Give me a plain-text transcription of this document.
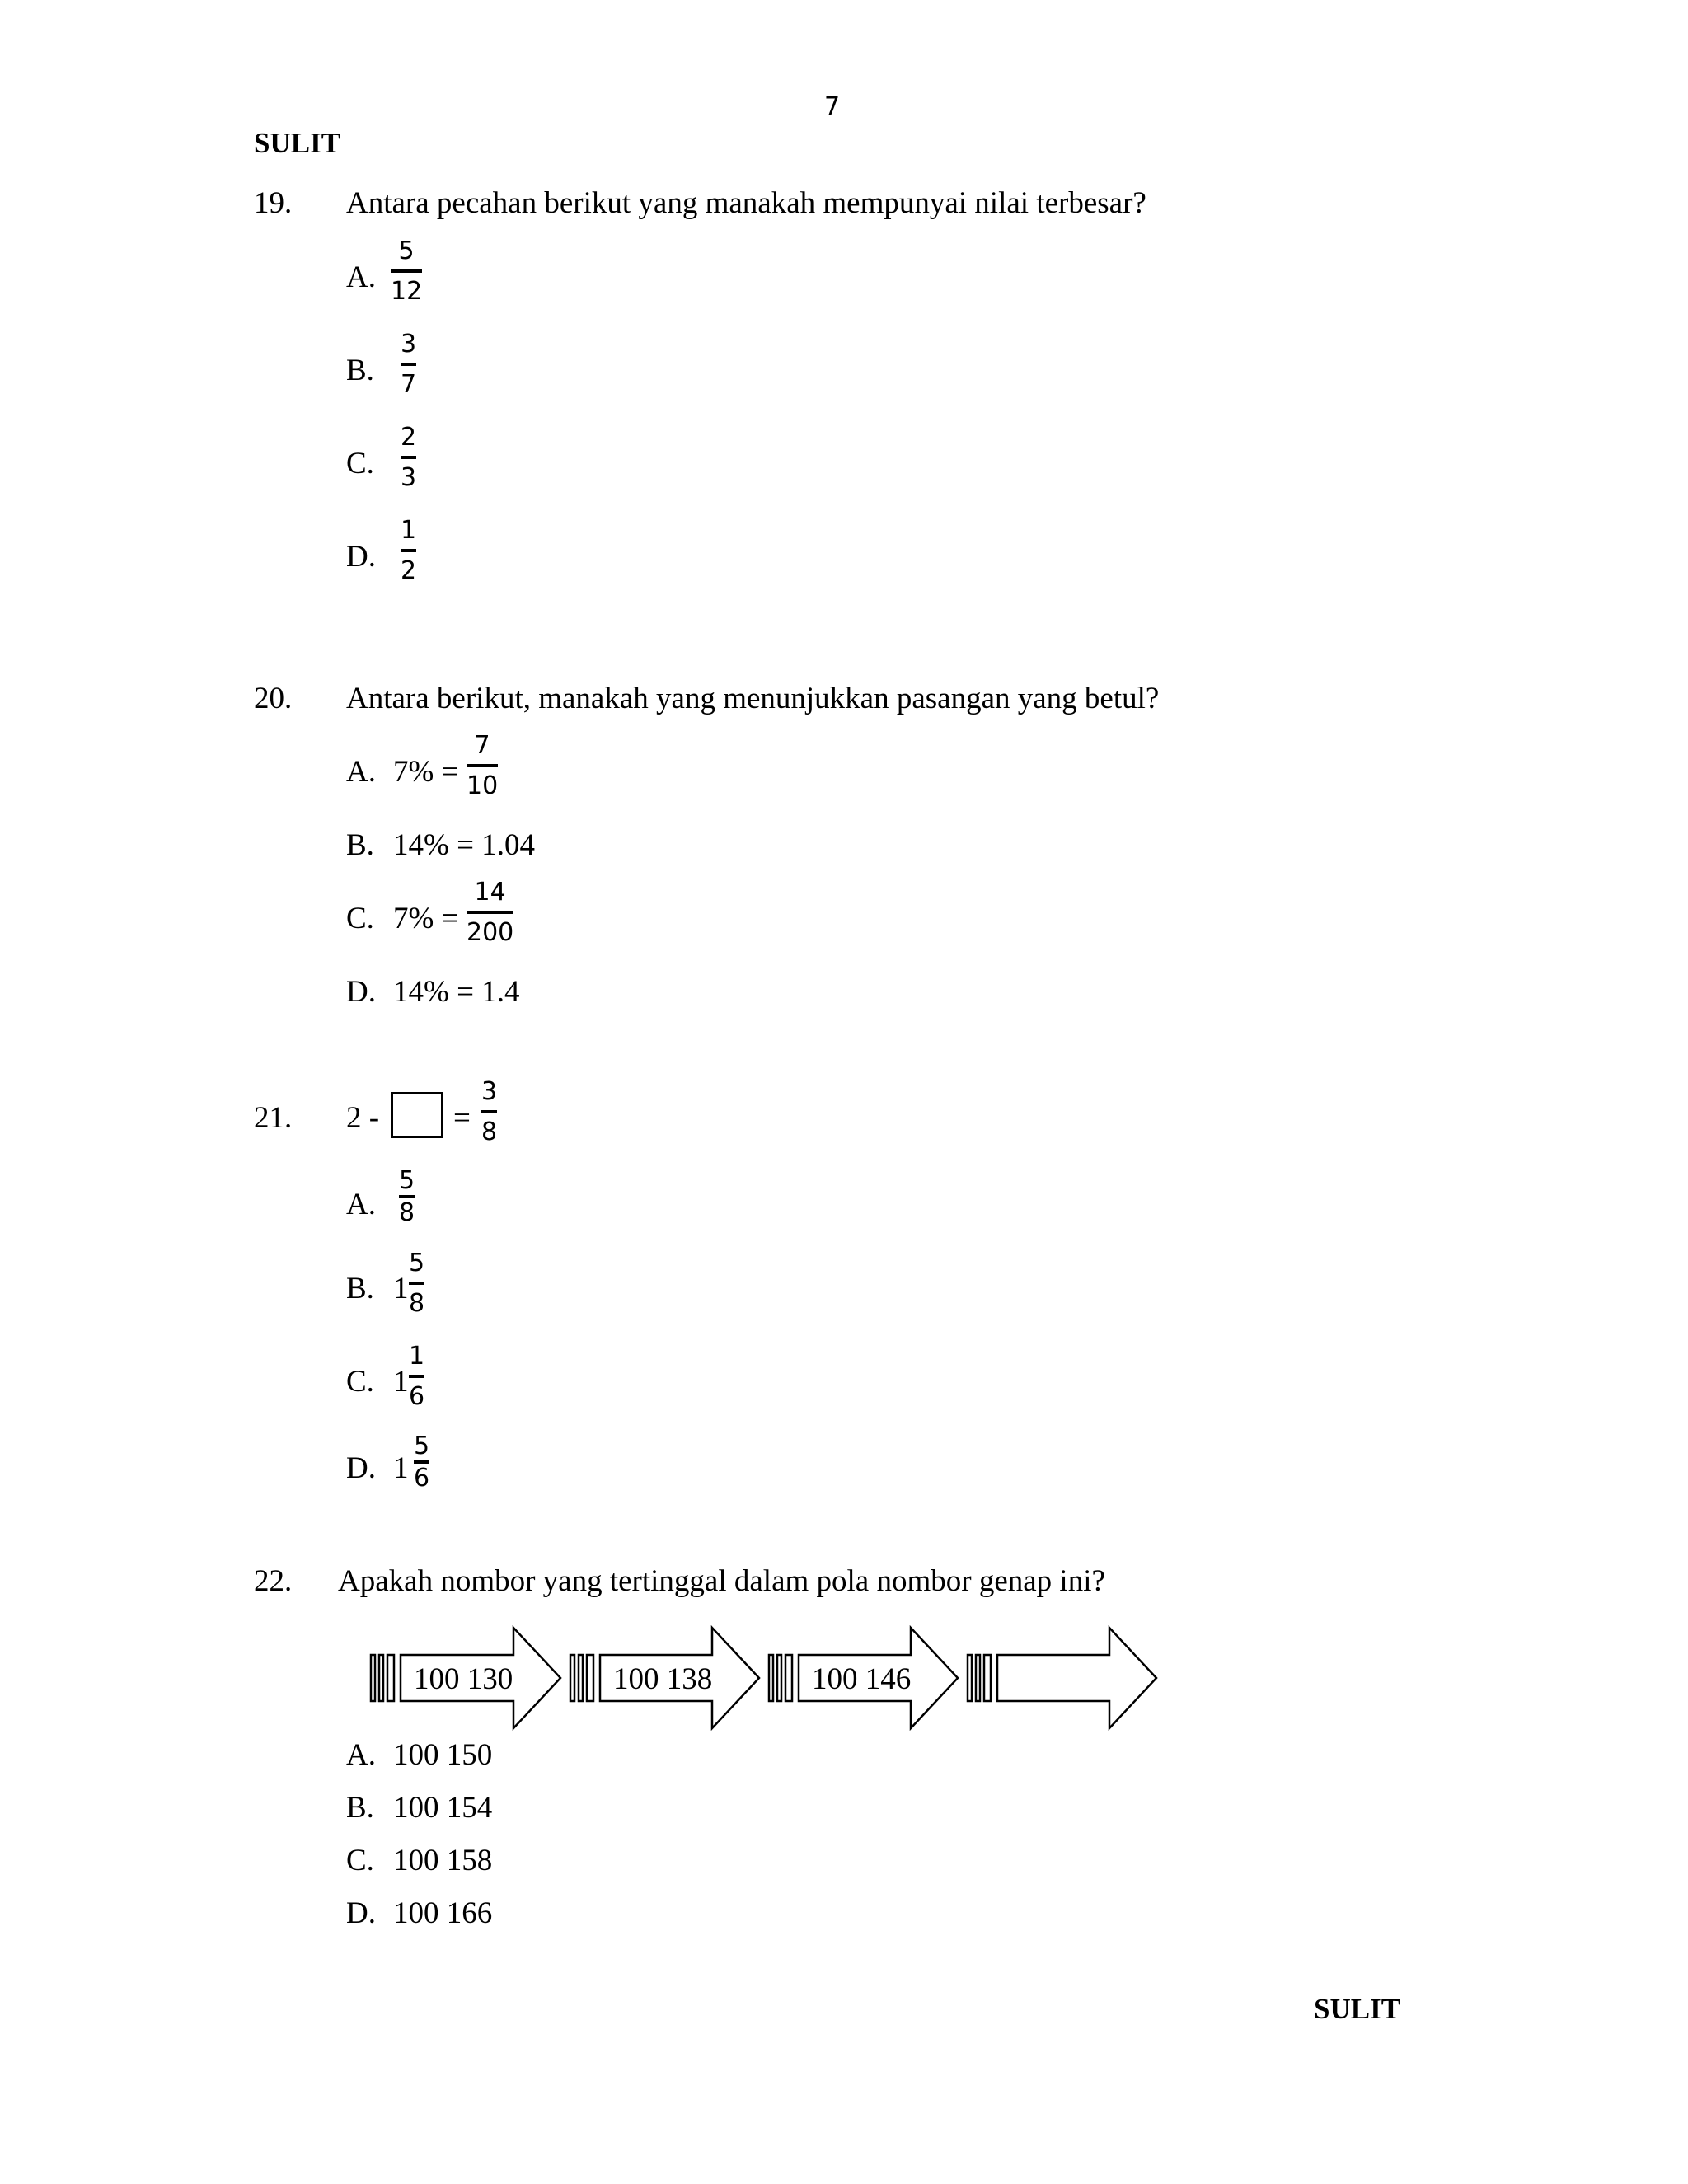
7
SULIT
19. Antara pecahan berikut yang manakah mempunyai nilai terbesar?
A.
5
12
B.
3
7
C.
2
3
D.
1
2
20. Antara berikut, manakah yang menunjukkan pasangan yang betul?
A. 7% =
7
10
B. 14% = 1.04
C. 7% =
14
200
D. 14% = 1.4
21. 2 - =
3
8
A.
5
8
B. 1
5
8
C. 1
1
6
D. 1
5
6
22. Apakah nombor yang tertinggal dalam pola nombor genap ini?
100 130	100 138	100 146
A. 100 150
B. 100 154
C. 100 158
D. 100 166
SULIT
